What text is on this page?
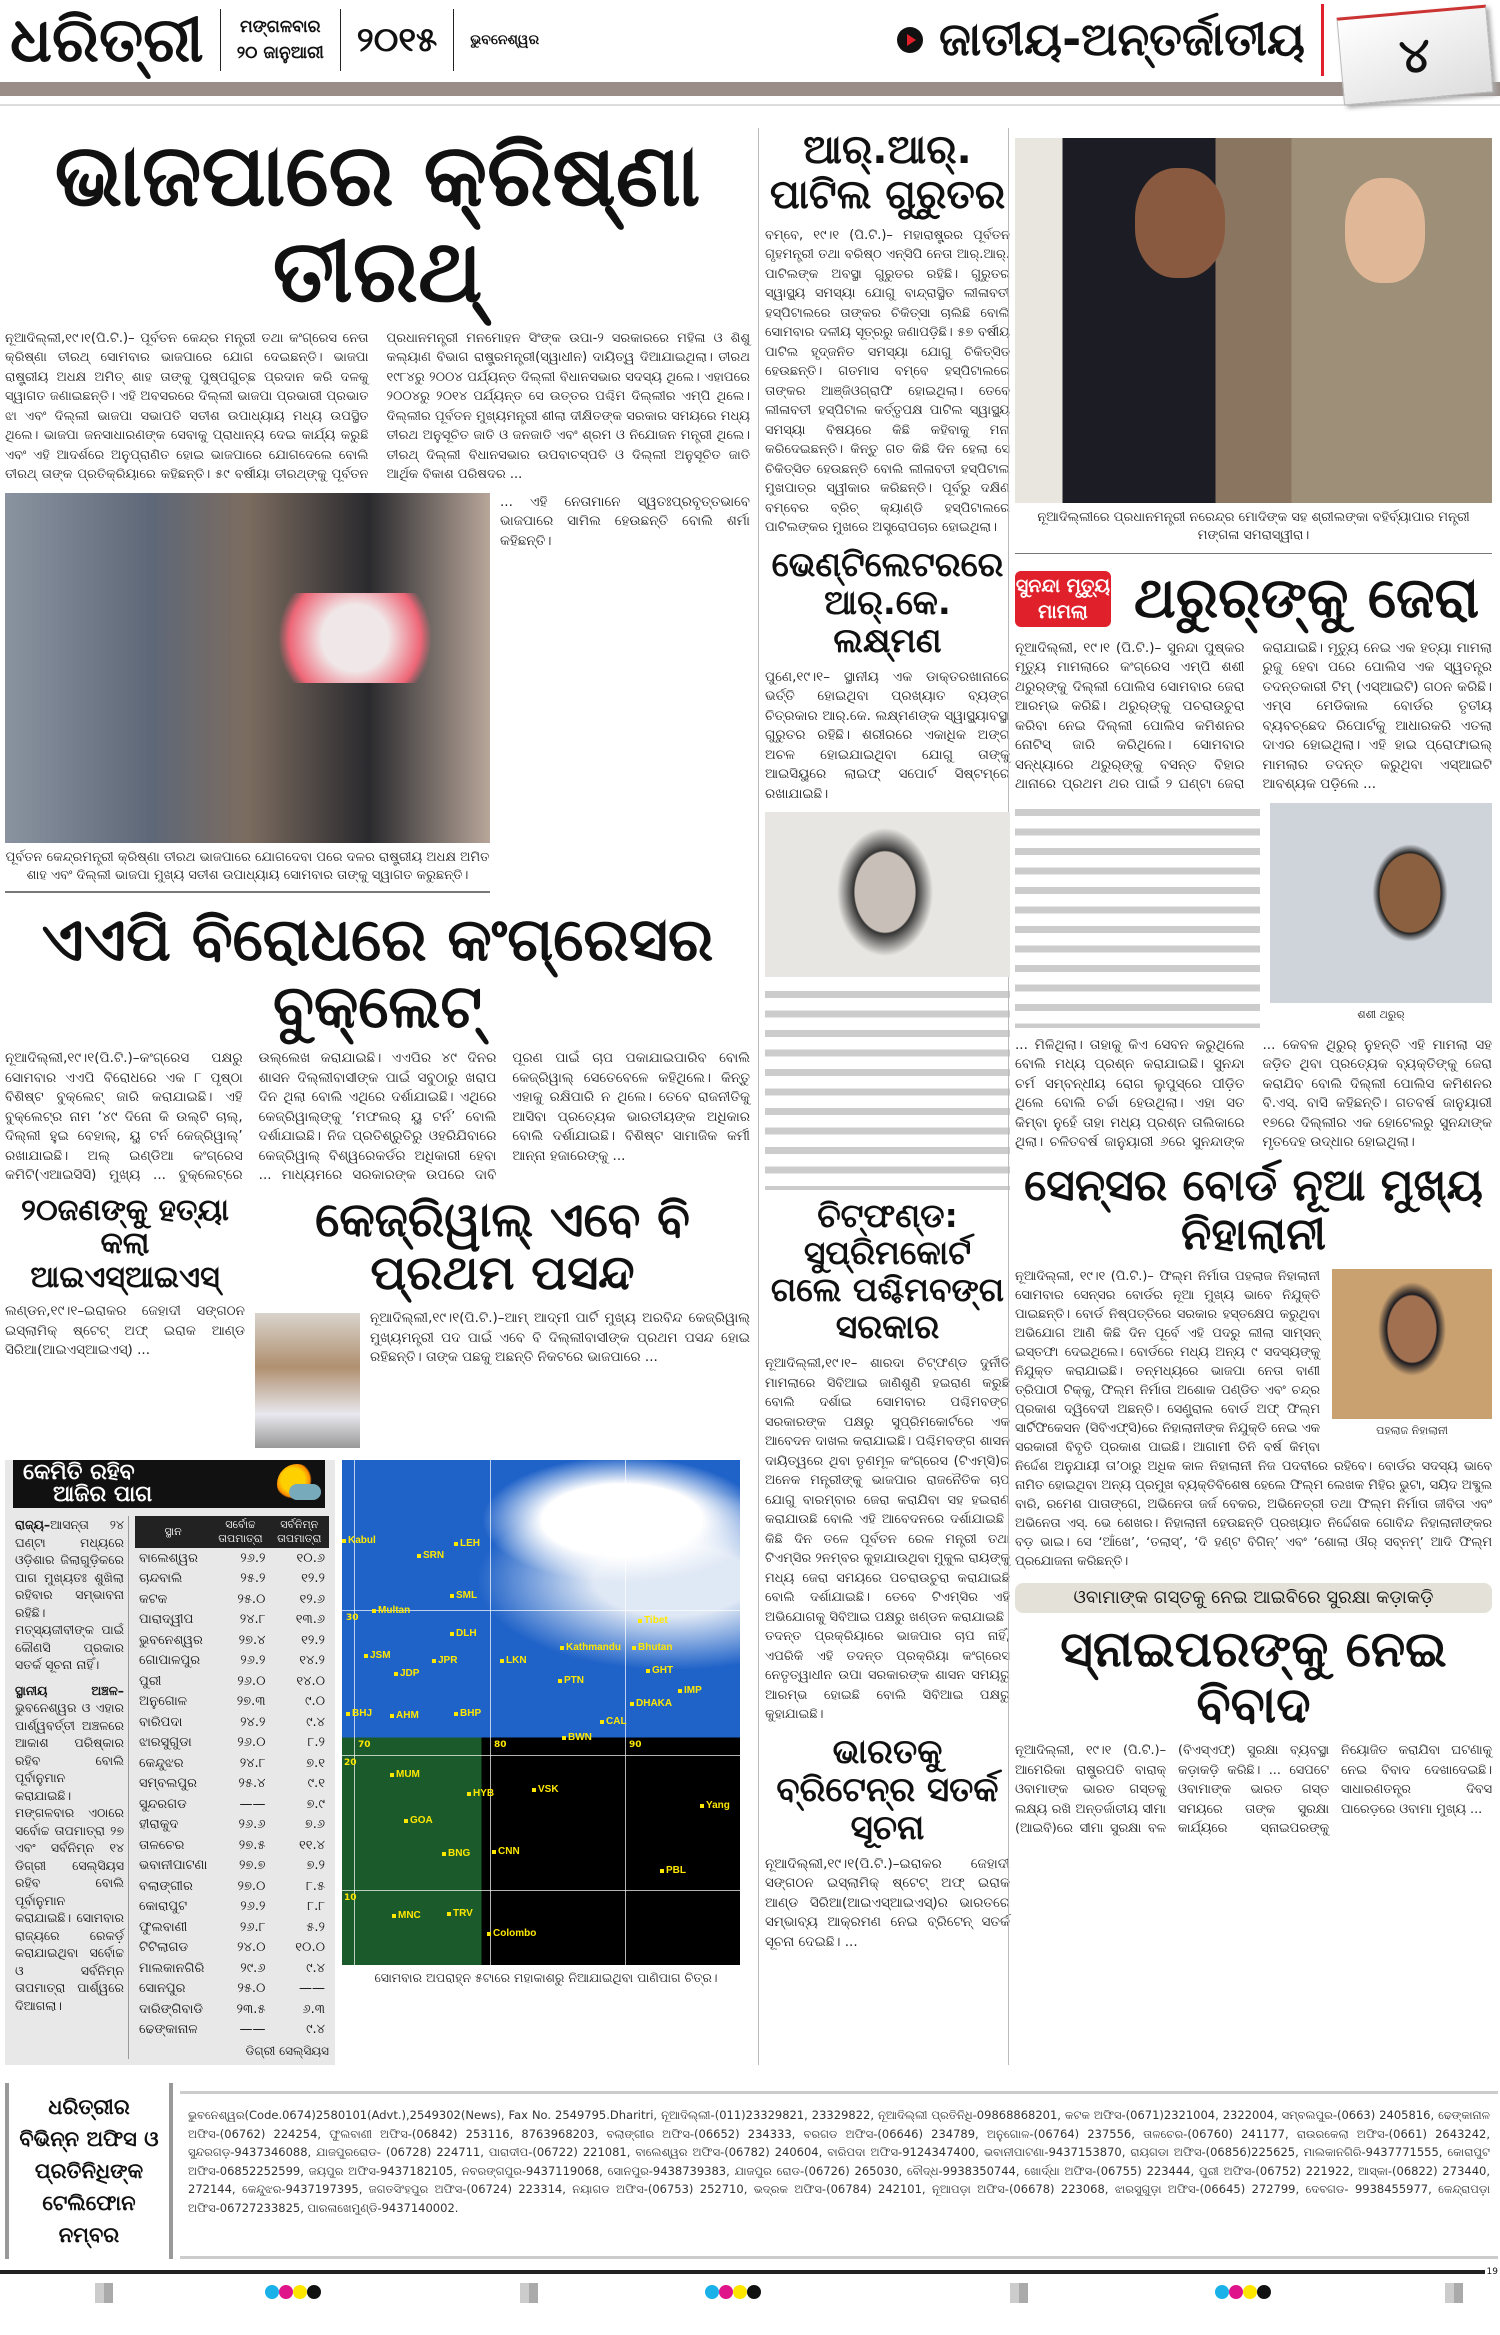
ଧରିତ୍ରୀ ମଙ୍ଗଳବାର
୨୦ ଜାନୁଆରୀ ୨୦୧୫ ଭୁବନେଶ୍ୱର	ଜାତୀୟ-ଅନ୍ତର୍ଜାତୀୟ	୪
ଭାଜପାରେ କ୍ରିଷ୍ଣା ତୀରଥ୍
ନୂଆଦିଲ୍ଲୀ,୧୯।୧(ପି.ଟି.)– ପୂର୍ବତନ କେନ୍ଦ୍ର ମନ୍ତ୍ରୀ ତଥା କଂଗ୍ରେସ ନେତା କ୍ରିଷ୍ଣା ତୀରଥ୍ ସୋମବାର ଭାଜପାରେ ଯୋଗ ଦେଇଛନ୍ତି। ଭାଜପା ରାଷ୍ଟ୍ରୀୟ ଅଧକ୍ଷ ଅମିତ୍ ଶାହ ତାଙ୍କୁ ପୁଷ୍ପଗୁଚ୍ଛ ପ୍ରଦାନ କରି ଦଳକୁ ସ୍ୱାଗତ ଜଣାଇଛନ୍ତି। ଏହି ଅବସରରେ ଦିଲ୍ଲୀ ଭାଜପା ପ୍ରଭାରୀ ପ୍ରଭାତ ଝା ଏବଂ ଦିଲ୍ଲୀ ଭାଜପା ସଭାପତି ସତୀଶ ଉପାଧ୍ୟାୟ ମଧ୍ୟ ଉପସ୍ଥିତ ଥିଲେ। ଭାଜପା ଜନସାଧାରଣଙ୍କ ସେବାକୁ ପ୍ରାଧାନ୍ୟ ଦେଇ କାର୍ଯ୍ୟ କରୁଛି ଏବଂ ଏହି ଆଦର୍ଶରେ ଅନୁପ୍ରାଣିତ ହୋଇ ଭାଜପାରେ ଯୋଗଦେଲେ ବୋଲି ତୀରଥ୍ ତାଙ୍କ ପ୍ରତିକ୍ରିୟାରେ କହିଛନ୍ତି। ୫୯ ବର୍ଷୀୟା ତୀରଥ୍‌ଙ୍କୁ ପୂର୍ବତନ ପ୍ରଧାନମନ୍ତ୍ରୀ ମନମୋହନ ସିଂଙ୍କ ଉପା-୨ ସରକାରରେ ମହିଳା ଓ ଶିଶୁ କଲ୍ୟାଣ ବିଭାଗ ରାଷ୍ଟ୍ରମନ୍ତ୍ରୀ(ସ୍ୱାଧୀନ) ଦାୟିତ୍ୱ ଦିଆଯାଇଥିଲା। ତୀରଥ ୧୯୮୪ରୁ ୨୦୦୪ ପର୍ଯ୍ୟନ୍ତ ଦିଲ୍ଲୀ ବିଧାନସଭାର ସଦସ୍ୟ ଥିଲେ। ଏହାପରେ ୨୦୦୪ରୁ ୨୦୧୪ ପର୍ଯ୍ୟନ୍ତ ସେ ଉତ୍ତର ପଶ୍ଚିମ ଦିଲ୍ଲୀର ଏମ୍‌ପି ଥିଲେ। ଦିଲ୍ଲୀର ପୂର୍ବତନ ମୁଖ୍ୟମନ୍ତ୍ରୀ ଶୀଲା ଦୀକ୍ଷିତଙ୍କ ସରକାର ସମୟରେ ମଧ୍ୟ ତୀରଥ ଅନୁସୂଚିତ ଜାତି ଓ ଜନଜାତି ଏବଂ ଶ୍ରମ ଓ ନିଯୋଜନ ମନ୍ତ୍ରୀ ଥିଲେ। ତୀରଥ୍ ଦିଲ୍ଲୀ ବିଧାନସଭାର ଉପବାଚସ୍ପତି ଓ ଦିଲ୍ଲୀ ଅନୁସୂଚିତ ଜାତି ଆର୍ଥିକ ବିକାଶ ପରିଷଦର ...
ପୂର୍ବତନ କେନ୍ଦ୍ରମନ୍ତ୍ରୀ କ୍ରିଷ୍ଣା ତୀରଥ ଭାଜପାରେ ଯୋଗଦେବା ପରେ ଦଳର ରାଷ୍ଟ୍ରୀୟ ଅଧକ୍ଷ ଅମିତ ଶାହ ଏବଂ ଦିଲ୍ଲୀ ଭାଜପା ମୁଖ୍ୟ ସତୀଶ ଉପାଧ୍ୟାୟ ସୋମବାର ତାଙ୍କୁ ସ୍ୱାଗତ କରୁଛନ୍ତି।
... ଏହି ନେତାମାନେ ସ୍ୱତଃପ୍ରବୃତ୍ତଭାବେ ଭାଜପାରେ ସାମିଲ ହେଉଛନ୍ତି ବୋଲି ଶର୍ମା କହିଛନ୍ତି।
ଏଏପି ବିରୋଧରେ କଂଗ୍ରେସର ବୁକ୍‌ଲେଟ୍
ନୂଆଦିଲ୍ଲୀ,୧୯।୧(ପି.ଟି.)–କଂଗ୍ରେସ ପକ୍ଷରୁ ସୋମବାର ଏଏପି ବିରୋଧରେ ଏକ ୮ ପୃଷ୍ଠା ବିଶିଷ୍ଟ ବୁକ୍‌ଲେଟ୍ ଜାରି କରାଯାଇଛି। ଏହି ବୁକ୍‌ଲେଟ୍‌ର ନାମ ‘୪୯ ଦିନୋ କି ଉଲ୍‌ଟି ଚାଲ୍, ଦିଲ୍ଲୀ ହୁଇ ବେହାଲ୍, ୟୁ ଟର୍ନ କେଜ୍‌ରିୱାଲ୍’ ରଖାଯାଇଛି। ଅଲ୍ ଇଣ୍ଡିଆ କଂଗ୍ରେସ କମିଟି(ଏଆଇସିସି) ମୁଖ୍ୟ ... ବୁକ୍‌ଲେଟ୍‌ରେ ଉଲ୍ଲେଖ କରାଯାଇଛି। ଏଏପିର ୪୯ ଦିନର ଶାସନ ଦିଲ୍ଲୀବାସୀଙ୍କ ପାଇଁ ସବୁଠାରୁ ଖରାପ ଦିନ ଥିଲା ବୋଲି ଏଥିରେ ଦର୍ଶାଯାଇଛି। ଏଥିରେ କେଜ୍‌ରିୱାଲ୍‌ଙ୍କୁ ‘ମଫଲର୍ ୟୁ ଟର୍ନ’ ବୋଲି ଦର୍ଶାଯାଇଛି। ନିଜ ପ୍ରତିଶ୍ରୁତିରୁ ଓହରିଯିବାରେ କେଜ୍‌ରିୱାଲ୍ ବିଶ୍ୱରେକର୍ଡର ଅଧିକାରୀ ହେବା ... ମାଧ୍ୟମରେ ସରକାରଙ୍କ ଉପରେ ଦାବି ପୂରଣ ପାଇଁ ଚାପ ପକାଯାଇପାରିବ ବୋଲି କେଜ୍‌ରିୱାଲ୍ ସେତେବେଳେ କହିଥିଲେ। କିନ୍ତୁ ଏହାକୁ ରକ୍ଷିପାରି ନ ଥିଲେ। ତେବେ ରାଜନୀତିକୁ ଆସିବା ପ୍ରତ୍ୟେକ ଭାରତୀୟଙ୍କ ଅଧିକାର ବୋଲି ଦର୍ଶାଯାଇଛି। ବିଶିଷ୍ଟ ସାମାଜିକ କର୍ମୀ ଆନ୍ନା ହଜାରେଙ୍କୁ ...
୨୦ଜଣଙ୍କୁ ହତ୍ୟା କଲା ଆଇଏସ୍ଆଇଏସ୍
ଲଣ୍ଡନ,୧୯।୧–ଇରାକର ଜେହାଦୀ ସଙ୍ଗଠନ ଇସ୍‌ଲାମିକ୍ ଷ୍ଟେଟ୍ ଅଫ୍ ଇରାକ ଆଣ୍ଡ ସିରିଆ(ଆଇଏସ୍ଆଇଏସ୍) ...
କେଜ୍‌ରିୱାଲ୍ ଏବେ ବି ପ୍ରଥମ ପସନ୍ଦ
ନୂଆଦିଲ୍ଲୀ,୧୯।୧(ପି.ଟି.)–ଆମ୍ ଆଦ୍‌ମୀ ପାର୍ଟି ମୁଖ୍ୟ ଅରବିନ୍ଦ କେଜ୍‌ରିୱାଲ୍ ମୁଖ୍ୟମନ୍ତ୍ରୀ ପଦ ପାଇଁ ଏବେ ବି ଦିଲ୍ଲୀବାସୀଙ୍କ ପ୍ରଥମ ପସନ୍ଦ ହୋଇ ରହିଛନ୍ତି। ତାଙ୍କ ପଛକୁ ଅଛନ୍ତି ନିକଟରେ ଭାଜପାରେ ...
କେମିତି ରହିବ
ଆଜିର ପାଗ
ରାଜ୍ୟ–ଆସନ୍ତା ୨୪ ଘଣ୍ଟା ମଧ୍ୟରେ ଓଡ଼ିଶାର ଜିଲାଗୁଡ଼ିକରେ ପାଗ ମୁଖ୍ୟତଃ ଶୁଖିଲା ରହିବାର ସମ୍ଭାବନା ରହିଛି। ମତ୍ସ୍ୟଜୀବୀଙ୍କ ପାଇଁ କୌଣସି ପ୍ରକାର ସତର୍କ ସୂଚନା ନାହିଁ।
ସ୍ଥାନୀୟ ଅଞ୍ଚଳ–ଭୁବନେଶ୍ୱର ଓ ଏହାର ପାର୍ଶ୍ୱବର୍ତ୍ତୀ ଅଞ୍ଚଳରେ ଆକାଶ ପରିଷ୍କାର ରହିବ ବୋଲି ପୂର୍ବାନୁମାନ କରାଯାଇଛି। ମଙ୍ଗଳବାର ଏଠାରେ ସର୍ବୋଚ୍ଚ ତାପମାତ୍ରା ୨୭ ଏବଂ ସର୍ବନିମ୍ନ ୧୪ ଡିଗ୍ରୀ ସେଲ୍‌ସିୟସ ରହିବ ବୋଲି ପୂର୍ବାନୁମାନ କରାଯାଇଛି। ସୋମବାର ରାଜ୍ୟରେ ରେକର୍ଡ଼ କରାଯାଇଥିବା ସର୍ବୋଚ୍ଚ ଓ ସର୍ବନିମ୍ନ ତାପମାତ୍ରା ପାର୍ଶ୍ୱରେ ଦିଆଗଲା।
ସ୍ଥାନ	ସର୍ବୋଚ୍ଚ ତାପମାତ୍ରା	ସର୍ବନିମ୍ନ ତାପମାତ୍ରା
ବାଲେଶ୍ୱର	୨୬.୨	୧୦.୬
ଚାନ୍ଦବାଲି	୨୫.୨	୧୨.୨
କଟକ	୨୫.୦	୧୨.୬
ପାରାଦ୍ୱୀପ	୨୪.୮	୧୩.୬
ଭୁବନେଶ୍ୱର	୨୭.୪	୧୨.୨
ଗୋପାଳପୁର	୨୬.୨	୧୪.୨
ପୁରୀ	୨୬.୦	୧୪.୦
ଅନୁଗୋଳ	୨୭.୩	୯.୦
ବାରିପଦା	୨୪.୨	୯.୪
ଝାରସୁଗୁଡା	୨୬.୦	୮.୨
କେନ୍ଦୁଝର	୨୪.୮	୭.୧
ସମ୍ବଲପୁର	୨୫.୪	୯.୧
ସୁନ୍ଦରଗଡ	——	୭.୯
ହୀରାକୁଦ	୨୬.୬	୭.୬
ତାଳଚେର	୨୭.୫	୧୧.୪
ଭବାନୀପାଟଣା	୨୭.୭	୭.୨
ବଲାଙ୍ଗୀର	୨୭.୦	୮.୫
କୋରାପୁଟ	୨୬.୨	୮.୮
ଫୁଲବାଣୀ	୨୬.୮	୫.୨
ଟିଟିଲାଗଡ	୨୪.୦	୧୦.୦
ମାଲକାନଗିରି	୨୯.୬	୯.୪
ସୋନପୁର	୨୫.୦	——
ଦାରିଙ୍ଗିବାଡି	୨୩.୫	୬.୩
ଢେଙ୍କାନାଳ	——	୯.୪
ଡିଗ୍ରୀ ସେଲ୍‌ସିୟସ
30
70	80	90
20
10
Kabul
SRN
LEH
SML
Multan
DLH
Tibet
Kathmandu	Bhutan
JSM	JPR	LKN
JDP	GHT
PTN
IMP
BHJ	AHM	BHP
DHAKA
CAL
BWN
MUM
HYB	VSK
Yang
GOA
BNG	CNN
PBL
MNC	TRV
Colombo
ସୋମବାର ଅପରାହ୍ନ ୫ଟାରେ ମହାକାଶରୁ ନିଆଯାଇଥିବା ପାଣିପାଗ ଚିତ୍ର।
ଆର୍.ଆର୍. ପାଟିଲ ଗୁରୁତର
ବମ୍ବେ, ୧୯।୧ (ପି.ଟି.)– ମହାରାଷ୍ଟ୍ରର ପୂର୍ବତନ ଗୃହମନ୍ତ୍ରୀ ତଥା ବରିଷ୍ଠ ଏନ୍‌ସିପି ନେତା ଆର୍.ଆର୍. ପାଟିଲଙ୍କ ଅବସ୍ଥା ଗୁରୁତର ରହିଛି। ଗୁରୁତର ସ୍ୱାସ୍ଥ୍ୟ ସମସ୍ୟା ଯୋଗୁ ବାନ୍ଦ୍ରାସ୍ଥିତ ଲୀଳାବତୀ ହସ୍ପିଟାଲରେ ତାଙ୍କର ଚିକିତ୍ସା ଚାଲିଛି ବୋଲି ସୋମବାର ଦଳୀୟ ସୂତ୍ରରୁ ଜଣାପଡ଼ିଛି। ୫୭ ବର୍ଷୀୟ ପାଟିଲ ହୃଦ୍‌ଜନିତ ସମସ୍ୟା ଯୋଗୁ ଚିକିତ୍ସିତ ହେଉଛନ୍ତି। ଗତମାସ ବମ୍ବେ ହସ୍ପିଟାଲରେ ତାଙ୍କର ଆଞ୍ଜିଓଗ୍ରାଫି ହୋଇଥିଲା। ତେବେ ଲୀଳାବତୀ ହସ୍ପିଟାଲ କର୍ତ୍ତୃପକ୍ଷ ପାଟିଲ ସ୍ୱାସ୍ଥ୍ୟ ସମସ୍ୟା ବିଷୟରେ କିଛି କହିବାକୁ ମନା କରିଦେଇଛନ୍ତି। କିନ୍ତୁ ଗତ କିଛି ଦିନ ହେଲା ସେ ଚିକିତ୍ସିତ ହେଉଛନ୍ତି ବୋଲି ଲୀଳାବତୀ ହସ୍ପିଟାଲ ମୁଖପାତ୍ର ସ୍ୱୀକାର କରିଛନ୍ତି। ପୂର୍ବରୁ ଦକ୍ଷିଣ ବମ୍ବେର ବ୍ରିଚ୍ କ୍ୟାଣ୍ଡି ହସ୍ପିଟାଲରେ ପାଟିଲଙ୍କର ମୁଖରେ ଅସ୍ତ୍ରୋପଚାର ହୋଇଥିଲା।
ଭେଣ୍ଟିଲେଟରରେ ଆର୍.କେ. ଲକ୍ଷ୍ମଣ
ପୁଣେ,୧୯।୧– ସ୍ଥାନୀୟ ଏକ ଡାକ୍ତରଖାନାରେ ଭର୍ତ୍ତି ହୋଇଥିବା ପ୍ରଖ୍ୟାତ ବ୍ୟଙ୍ଗ ଚିତ୍ରକାର ଆର୍.କେ. ଲକ୍ଷ୍ମଣଙ୍କ ସ୍ୱାସ୍ଥ୍ୟାବସ୍ଥା ଗୁରୁତର ରହିଛି। ଶରୀରରେ ଏକାଧିକ ଅଙ୍ଗ ଅଚଳ ହୋଇଯାଇଥିବା ଯୋଗୁ ତାଙ୍କୁ ଆଇସିୟୁରେ ଲାଇଫ୍ ସପୋର୍ଟ ସିଷ୍ଟମ୍‌ରେ ରଖାଯାଇଛି।
ଚିଟ୍‌ଫଣ୍ଡ: ସୁପ୍ରିମକୋର୍ଟ ଗଲେ ପଶ୍ଚିମବଙ୍ଗ ସରକାର
ନୂଆଦିଲ୍ଲୀ,୧୯।୧– ଶାରଦା ଚିଟ୍‌ଫଣ୍ଡ ଦୁର୍ନୀତି ମାମଲାରେ ସିବିଆଇ ଜାଣିଶୁଣି ହଇରାଣ କରୁଛି ବୋଲି ଦର୍ଶାଇ ସୋମବାର ପଶ୍ଚିମବଙ୍ଗ ସରକାରଙ୍କ ପକ୍ଷରୁ ସୁପ୍ରିମକୋର୍ଟରେ ଏକ ଆବେଦନ ଦାଖଲ କରାଯାଇଛି। ପଶ୍ଚିମବଙ୍ଗ ଶାସନ ଦାୟିତ୍ୱରେ ଥିବା ତୃଣମୂଳ କଂଗ୍ରେସ (ଟିଏମ୍‌ସି)ର ଅନେକ ମନ୍ତ୍ରୀଙ୍କୁ ଭାଜପାର ରାଜନୈତିକ ଚାପ ଯୋଗୁ ବାରମ୍ବାର ଜେରା କରାଯିବା ସହ ହଇରାଣ କରାଯାଉଛି ବୋଲି ଏହି ଆବେଦନରେ ଦର୍ଶାଯାଇଛି। କିଛି ଦିନ ତଳେ ପୂର୍ବତନ ରେଳ ମନ୍ତ୍ରୀ ତଥା ଟିଏମ୍‌ସିର ୨ନମ୍ବର କୁହାଯାଉଥିବା ମୁକୁଲ ରାୟଙ୍କୁ ମଧ୍ୟ ଜେରା ସମୟରେ ପଚରାଉଚୁରା କରାଯାଇଛି ବୋଲି ଦର୍ଶାଯାଇଛି। ତେବେ ଟିଏମ୍‌ସିର ଏହି ଅଭିଯୋଗକୁ ସିବିଆଇ ପକ୍ଷରୁ ଖଣ୍ଡନ କରାଯାଇଛି। ତଦନ୍ତ ପ୍ରକ୍ରିୟାରେ ଭାଜପାର ଚାପ ନାହିଁ, ଏପରିକି ଏହି ତଦନ୍ତ ପ୍ରକ୍ରିୟା କଂଗ୍ରେସ ନେତୃତ୍ୱାଧୀନ ଉପା ସରକାରଙ୍କ ଶାସନ ସମୟରୁ ଆରମ୍ଭ ହୋଇଛି ବୋଲି ସିବିଆଇ ପକ୍ଷରୁ କୁହାଯାଇଛି।
ଭାରତକୁ ବ୍ରିଟେନ୍‌ର ସତର୍କ ସୂଚନା
ନୂଆଦିଲ୍ଲୀ,୧୯।୧(ପି.ଟି.)–ଇରାକର ଜେହାଦୀ ସଙ୍ଗଠନ ଇସ୍‌ଲାମିକ୍ ଷ୍ଟେଟ୍ ଅଫ୍ ଇରାକ ଆଣ୍ଡ ସିରିଆ(ଆଇଏସ୍ଆଇଏସ୍)ର ଭାରତରେ ସମ୍ଭାବ୍ୟ ଆକ୍ରମଣ ନେଇ ବ୍ରିଟେନ୍ ସତର୍କ ସୂଚନା ଦେଇଛି। ...
ନୂଆଦିଲ୍ଲୀରେ ପ୍ରଧାନମନ୍ତ୍ରୀ ନରେନ୍ଦ୍ର ମୋଦିଙ୍କ ସହ ଶ୍ରୀଲଙ୍କା ବହିର୍ବ୍ୟାପାର ମନ୍ତ୍ରୀ ମଙ୍ଗଳା ସମରାସ୍ୱୀରା।
ସୁନନ୍ଦା ମୃତ୍ୟୁ ମାମଲା ଥରୁର୍‌ଙ୍କୁ ଜେରା
ନୂଆଦିଲ୍ଲୀ, ୧୯।୧ (ପି.ଟି.)– ସୁନନ୍ଦା ପୁଷ୍କର ମୃତ୍ୟୁ ମାମଲାରେ କଂଗ୍ରେସ ଏମ୍‌ପି ଶଶୀ ଥରୁର୍‌ଙ୍କୁ ଦିଲ୍ଲୀ ପୋଲିସ ସୋମବାର ଜେରା ଆରମ୍ଭ କରିଛି। ଥରୁର୍‌ଙ୍କୁ ପଚରାଉଚୁରା କରିବା ନେଇ ଦିଲ୍ଲୀ ପୋଲିସ କମିଶନର ନୋଟିସ୍ ଜାରି କରିଥିଲେ। ସୋମବାର ସନ୍ଧ୍ୟାରେ ଥରୁର୍‌ଙ୍କୁ ବସନ୍ତ ବିହାର ଥାନାରେ ପ୍ରଥମ ଥର ପାଇଁ ୨ ଘଣ୍ଟା ଜେରା କରାଯାଇଛି। ମୃତ୍ୟୁ ନେଇ ଏକ ହତ୍ୟା ମାମଲା ରୁଜୁ ହେବା ପରେ ପୋଲିସ ଏକ ସ୍ୱତନ୍ତ୍ର ତଦନ୍ତକାରୀ ଟିମ୍ (ଏସ୍ଆଇଟି) ଗଠନ କରିଛି। ଏମ୍ସ ମେଡିକାଲ ବୋର୍ଡର ତୃତୀୟ ବ୍ୟବଚ୍ଛେଦ ରିପୋର୍ଟକୁ ଆଧାରକରି ଏତଲା ଦାଏର ହୋଇଥିଲା। ଏହି ହାଇ ପ୍ରୋଫାଇଲ୍ ମାମଲାର ତଦନ୍ତ କରୁଥିବା ଏସ୍ଆଇଟି ଆବଶ୍ୟକ ପଡ଼ିଲେ ...
ଶଶୀ ଥରୁର୍
... ମିଳିଥିଲା। ତାହାକୁ କିଏ ସେବନ କରୁଥିଲେ ବୋଲି ମଧ୍ୟ ପ୍ରଶ୍ନ କରାଯାଇଛି। ସୁନନ୍ଦା ଚର୍ମ ସମ୍ବନ୍ଧୀୟ ରୋଗ ଲୁପୁସ୍‌ରେ ପୀଡ଼ିତ ଥିଲେ ବୋଲି ଚର୍ଚ୍ଚା ହେଉଥିଲା। ଏହା ସତ କିମ୍ବା ନୁହେଁ ତାହା ମଧ୍ୟ ପ୍ରଶ୍ନ ତାଲିକାରେ ଥିଲା। ଚଳିତବର୍ଷ ଜାନୁୟାରୀ ୬ରେ ସୁନନ୍ଦାଙ୍କ ... କେବଳ ଥିରୁର୍ ନୁହନ୍ତି ଏହି ମାମଲା ସହ ଜଡ଼ିତ ଥିବା ପ୍ରତ୍ୟେକ ବ୍ୟକ୍ତିଙ୍କୁ ଜେରା କରାଯିବ ବୋଲି ଦିଲ୍ଲୀ ପୋଲିସ କମିଶନର ବି.ଏସ୍. ବାସି କହିଛନ୍ତି। ଗତବର୍ଷ ଜାନୁୟାରୀ ୧୭ରେ ଦିଲ୍ଲୀର ଏକ ହୋଟେଲରୁ ସୁନନ୍ଦାଙ୍କ ମୃତଦେହ ଉଦ୍ଧାର ହୋଇଥିଲା।
ସେନ୍‌ସର ବୋର୍ଡ ନୂଆ ମୁଖ୍ୟ ନିହାଲାନୀ
ପହଲାଜ ନିହାଲାନୀ
ନୂଆଦିଲ୍ଲୀ, ୧୯।୧ (ପି.ଟି.)– ଫିଲ୍ମ ନିର୍ମାତା ପହଲାଜ ନିହାଲାନୀ ସୋମବାର ସେନ୍‌ସର ବୋର୍ଡର ନୂଆ ମୁଖ୍ୟ ଭାବେ ନିଯୁକ୍ତି ପାଇଛନ୍ତି। ବୋର୍ଡ ନିଷ୍ପତ୍ତିରେ ସରକାର ହସ୍ତକ୍ଷେପ କରୁଥିବା ଅଭିଯୋଗ ଆଣି କିଛି ଦିନ ପୂର୍ବେ ଏହି ପଦରୁ ଲୀଲା ସାମ୍‌ସନ୍ ଇସ୍ତଫା ଦେଇଥିଲେ। ବୋର୍ଡରେ ମଧ୍ୟ ଅନ୍ୟ ୯ ସଦସ୍ୟଙ୍କୁ ନିଯୁକ୍ତ କରାଯାଇଛି। ତନ୍ମଧ୍ୟରେ ଭାଜପା ନେତା ବାଣୀ ତ୍ରିପାଠୀ ଟିକ୍କୁ, ଫିଲ୍ମ ନିର୍ମାତା ଅଶୋକ ପଣ୍ଡିତ ଏବଂ ଚନ୍ଦ୍ର ପ୍ରକାଶ ଦ୍ୱିବେଦୀ ଅଛନ୍ତି। ସେଣ୍ଟ୍ରାଲ ବୋର୍ଡ ଅଫ୍ ଫିଲ୍ମ ସାର୍ଟିଫିକେସନ (ସିବିଏଫ୍‌ସି)ରେ ନିହାଲାନୀଙ୍କ ନିଯୁକ୍ତି ନେଇ ଏକ ସରକାରୀ ବିବୃତି ପ୍ରକାଶ ପାଇଛି। ଆଗାମୀ ତିନି ବର୍ଷ କିମ୍ବା ନିର୍ଦ୍ଦେଶ ଅନୁଯାୟୀ ତା’ଠାରୁ ଅଧିକ କାଳ ନିହାଲାନୀ ନିଜ ପଦବୀରେ ରହିବେ। ବୋର୍ଡର ସଦସ୍ୟ ଭାବେ ନାମିତ ହୋଇଥିବା ଅନ୍ୟ ପ୍ରମୁଖ ବ୍ୟକ୍ତିବିଶେଷ ହେଲେ ଫିଲ୍ମ ଲେଖକ ମିହିର ଭୁଟା, ସୟିଦ ଅବ୍ଦୁଲ ବାରି, ରମେଶ ପାତାଙ୍ଗେ, ଅଭିନେତା ଜର୍ଜ ବେକର, ଅଭିନେତ୍ରୀ ତଥା ଫିଲ୍ମ ନିର୍ମାତା ଜୀବିତା ଏବଂ ଅଭିନେତା ଏସ୍. ଭେ ଶେଖର। ନିହାଲାନୀ ହେଉଛନ୍ତି ପ୍ରଖ୍ୟାତ ନିର୍ଦ୍ଦେଶକ ଗୋବିନ୍ଦ ନିହାଲାନୀଙ୍କର ବଡ଼ ଭାଇ। ସେ ‘ଆଁଖେ’, ‘ତଲାସ୍’, ‘ଦି ହଣ୍ଟ ବିଗିନ୍’ ଏବଂ ‘ଶୋଲା ଔର୍ ସବ୍‌ନମ୍’ ଆଦି ଫିଲ୍ମ ପ୍ରଯୋଜନା କରିଛନ୍ତି।
ଓବାମାଙ୍କ ଗସ୍ତକୁ ନେଇ ଆଇବିରେ ସୁରକ୍ଷା କଡ଼ାକଡ଼ି
ସ୍ନାଇପରଙ୍କୁ ନେଇ ବିବାଦ
ନୂଆଦିଲ୍ଲୀ, ୧୯।୧ (ପି.ଟି.)– ଆମେରିକା ରାଷ୍ଟ୍ରପତି ବାରାକ୍ ଓବାମାଙ୍କ ଭାରତ ଗସ୍ତକୁ ଲକ୍ଷ୍ୟ ରଖି ଅନ୍ତର୍ଜାତୀୟ ସୀମା (ଆଇବି)ରେ ସୀମା ସୁରକ୍ଷା ବଳ (ବିଏସ୍ଏଫ୍) ସୁରକ୍ଷା ବ୍ୟବସ୍ଥା କଡ଼ାକଡ଼ି କରିଛି। ... ସେପଟେ ଓବାମାଙ୍କ ଭାରତ ଗସ୍ତ ସମୟରେ ତାଙ୍କ ସୁରକ୍ଷା କାର୍ଯ୍ୟରେ ସ୍ନାଇପରଙ୍କୁ ନିୟୋଜିତ କରାଯିବା ଘଟଣାକୁ ନେଇ ବିବାଦ ଦେଖାଦେଇଛି। ସାଧାରଣତନ୍ତ୍ର ଦିବସ ପାରେଡ଼ରେ ଓବାମା ମୁଖ୍ୟ ...
ଧରିତ୍ରୀର ବିଭିନ୍ନ ଅଫିସ ଓ ପ୍ରତିନିଧିଙ୍କ ଟେଲିଫୋନ ନମ୍ବର
ଭୁବନେଶ୍ୱର(Code.0674)2580101(Advt.),2549302(News), Fax No. 2549795.Dharitri, ନୂଆଦିଲ୍ଲୀ-(011)23329821, 23329822, ନୂଆଦିଲ୍ଲୀ ପ୍ରତିନିଧି-09868868201, କଟକ ଅଫିସ-(0671)2321004, 2322004, ସମ୍ବଲପୁର-(0663) 2405816, ଢେଙ୍କାନାଳ ଅଫିସ-(06762) 224254, ଫୁଲବାଣୀ ଅଫିସ-(06842) 253116, 8763968203, ବଲାଙ୍ଗୀର ଅଫିସ-(06652) 234333, ବରଗଡ ଅଫିସ-(06646) 234789, ଅନୁଗୋଳ-(06764) 237556, ତାଳଚେର-(06760) 241177, ରାଉରକେଲା ଅଫିସ-(0661) 2643242, ସୁନ୍ଦରଗଡ଼-9437346088, ଯାଜପୁରରୋଡ- (06728) 224711, ପାରାଦୀପ-(06722) 221081, ବାଲେଶ୍ୱର ଅଫିସ-(06782) 240604, ବାରିପଦା ଅଫିସ-9124347400, ଭବାନୀପାଟଣା-9437153870, ରାୟଗଡା ଅଫିସ-(06856)225625, ମାଲକାନଗିରି-9437771555, କୋରାପୁଟ ଅଫିସ-06852252599, ଜୟପୁର ଅଫିସ-9437182105, ନବରଙ୍ଗପୁର-9437119068, ସୋନପୁର-9438739383, ଯାଜପୁର ରୋଡ-(06726) 265030, ବୌଦ୍ଧ-9938350744, ଖୋର୍ଦ୍ଧା ଅଫିସ-(06755) 223444, ପୁରୀ ଅଫିସ-(06752) 221922, ଆସ୍କା-(06822) 273440, 272144, କେନ୍ଦୁଝର-9437197395, ଜଗତସିଂହପୁର ଅଫିସ-(06724) 223314, ନୟାଗଡ ଅଫିସ-(06753) 252710, ଭଦ୍ରକ ଅଫିସ-(06784) 242101, ନୂଆପଡ଼ା ଅଫିସ-(06678) 223068, ଝାରସୁଗୁଡ଼ା ଅଫିସ-(06645) 272799, ଦେବଗଡ- 9938455977, କେନ୍ଦ୍ରାପଡ଼ା ଅଫିସ-06727233825, ପାରଳାଖେମୁଣ୍ଡି-9437140002.
19
